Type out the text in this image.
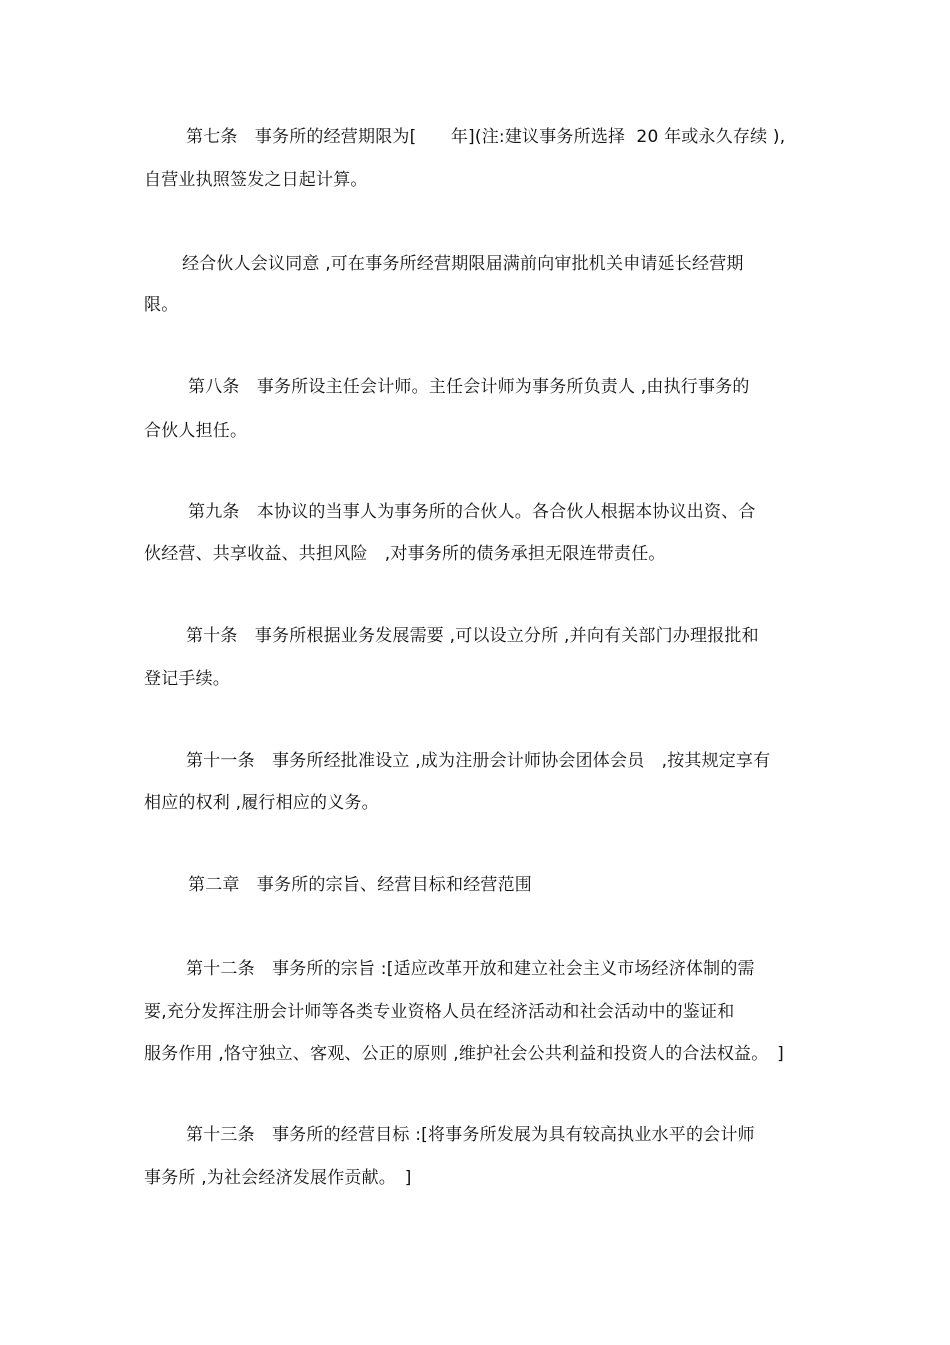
第七条　事务所的经营期限为[　　年](注:建议事务所选择  20 年或永久存续 ),
自营业执照签发之日起计算。
经合伙人会议同意 ,可在事务所经营期限届满前向审批机关申请延长经营期
限。
第八条　事务所设主任会计师。主任会计师为事务所负责人 ,由执行事务的
合伙人担任。
第九条　本协议的当事人为事务所的合伙人。各合伙人根据本协议出资、合
伙经营、共享收益、共担风险　,对事务所的债务承担无限连带责任。
第十条　事务所根据业务发展需要 ,可以设立分所 ,并向有关部门办理报批和
登记手续。
第十一条　事务所经批准设立 ,成为注册会计师协会团体会员　,按其规定享有
相应的权利 ,履行相应的义务。
第二章　事务所的宗旨、经营目标和经营范围
第十二条　事务所的宗旨 :[适应改革开放和建立社会主义市场经济体制的需
要,充分发挥注册会计师等各类专业资格人员在经济活动和社会活动中的鉴证和
服务作用 ,恪守独立、客观、公正的原则 ,维护社会公共利益和投资人的合法权益。　]
第十三条　事务所的经营目标 :[将事务所发展为具有较高执业水平的会计师
事务所 ,为社会经济发展作贡献。　]
